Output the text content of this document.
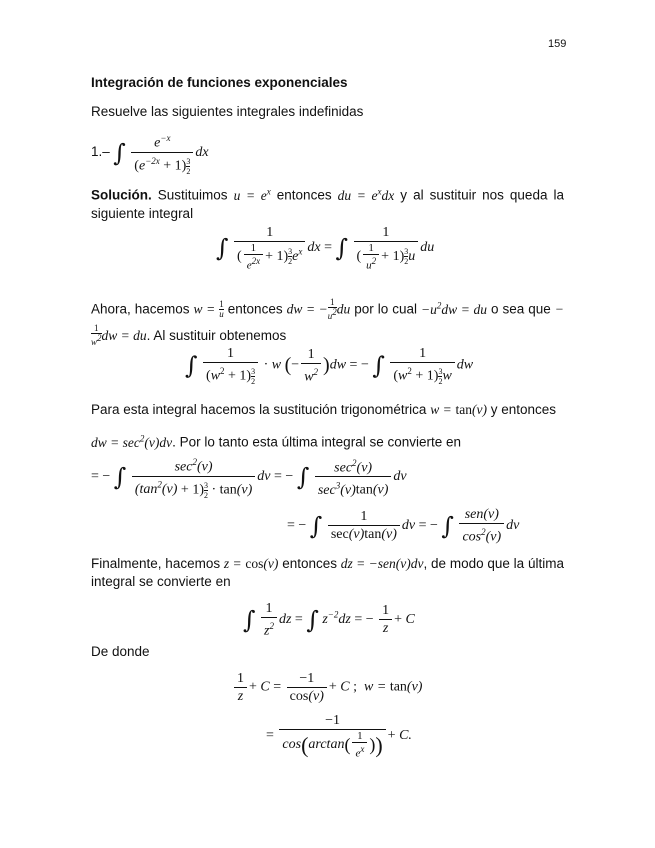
159
Integración de funciones exponenciales
Resuelve las siguientes integrales indefinidas
1.– ∫ $\frac{e^{-x}}{(e^{-2x} + 1) \frac{3}{2}}$ dx
Solución. Sustituimos $u = e^x$ entonces du = $e^xdx$ y al sustituir nos queda la siguiente integral
∫ $\frac{1}{( \frac{1}{e^{2x}} + 1) \frac{3}{2} e^x}$ dx = ∫ $\frac{1}{( \frac{1}{u^2} + 1) \frac{3}{2} u}$ du
Ahora, hacemos $w = \frac{1}{u}$ entonces dw = − $\frac{1}{u^2}$ du por lo cual $-u^2dw$ = du o sea que −
$\frac{1}{w^2}$ dw = du. Al sustituir obtenemos
∫ $\frac{1}{(w^2 + 1) \frac{3}{2}} \cdot w$ (− $\frac{1}{w^2} )dw$ = − ∫ $\frac{1}{(w^2 + 1) \frac{3}{2} w}$ dw
Para esta integral hacemos la sustitución trigonométrica w = tan(v) y entonces
dw = $\sec^2(v)dv$. Por lo tanto esta última integral se convierte en
= − ∫ $\frac{\sec^2(v)}{(\tan^2(v) + 1) \frac{3}{2} \cdot \tan(v)}$ dv = − ∫ $\frac{\sec^2(v)}{\sec^3(v)\tan(v)}$ dv
= − ∫ $\frac{1}{\sec(v)\tan(v)}$ dv = − ∫ $\frac{\text{sen(v)}}{\cos^2(v)}$ dv
Finalmente, hacemos z = cos(v) entonces dz = −sen(v)dv, de modo que la última integral se convierte en
∫ $\frac{1}{z^2}$ dz = ∫ $z^{-2}dz$ = − $\frac{1}{z} + C$
De donde
$\frac{1}{z} + C = \frac{-1}{\cos(v)} + C$ ; w = tan(v)
= $\frac{-1}{\cos(\arctan( \frac{1}{e^x} ))} + C$.
